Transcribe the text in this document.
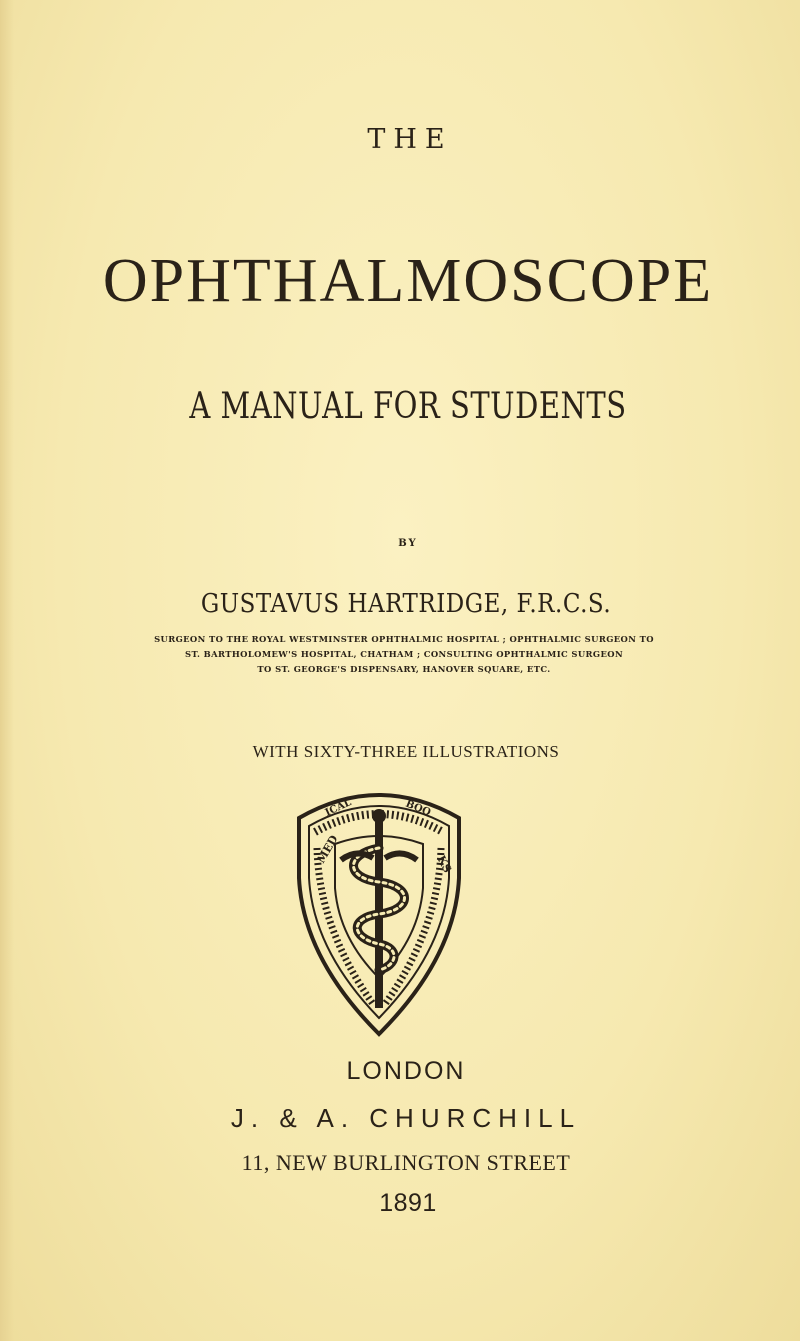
THE
OPHTHALMOSCOPE
A MANUAL FOR STUDENTS
BY
GUSTAVUS HARTRIDGE, F.R.C.S.
SURGEON TO THE ROYAL WESTMINSTER OPHTHALMIC HOSPITAL ; OPHTHALMIC SURGEON TO
ST. BARTHOLOMEW'S HOSPITAL, CHATHAM ; CONSULTING OPHTHALMIC SURGEON
TO ST. GEORGE'S DISPENSARY, HANOVER SQUARE, ETC.
WITH SIXTY-THREE ILLUSTRATIONS
MED	KS
ICAL	BOO
LONDON
J. & A. CHURCHILL
11, NEW BURLINGTON STREET
1891
